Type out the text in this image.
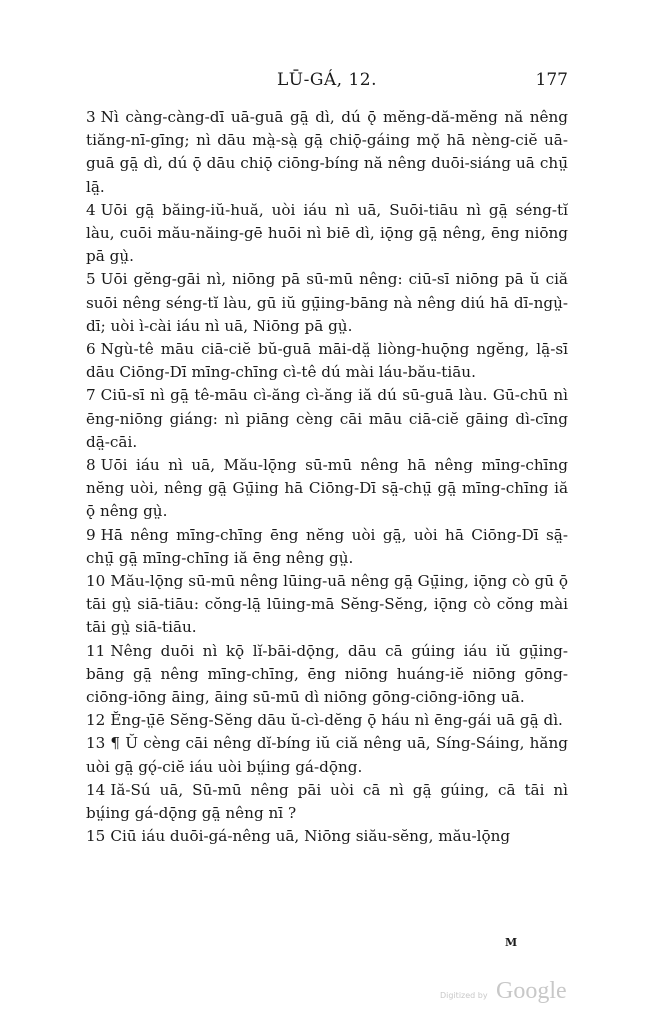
LŪ-GÁ, 12.	177

3 Nì càng-càng-dī uā-guā gā̤ dì, dú ǭ mĕng-dă-mĕng nă nêng tiăng-nī-gīng; nì dāu mà̤-sà̤ gā̤ chiǭ-gáing mǫ̆ hā nèng-ciĕ uā-guā gā̤ dì, dú ǭ dāu chiǭ ciōng-bíng nă nêng duōi-siáng uā chṳ̄ lā̤.

4 Uōi gā̤ băing-iŭ-huă, uòi iáu nì uā, Suōi-tiāu nì gā̤ séng-tĭ làu, cuōi mău-năing-gē huōi nì biē dì, iǭng gā̤ nêng, ēng niōng pā gṳ̀.

5 Uōi gĕng-gāi nì, niōng pā sū-mū nêng: ciū-sī niōng pā ŭ ciă suōi nêng séng-tĭ làu, gū iŭ gṳ̄ing-bāng nà nêng diú hā dī-ngṳ̀-dī; uòi ì-cài iáu nì uā, Niōng pā gṳ̀.

6 Ngù-tê māu ciā-ciĕ bŭ-guā māi-dă̤ liòng-huǭng ngĕng, lā̤-sī dāu Ciōng-Dī mīng-chīng cì-tê dú mài láu-bău-tiāu.

7 Ciū-sī nì gā̤ tê-māu cì-ăng cì-ăng iă dú sū-guā làu. Gū-chū nì ēng-niōng giáng: nì piāng cèng cāi māu ciā-ciĕ gāing dì-cīng dā̤-cāi.

8 Uōi iáu nì uā, Mău-lǭng sū-mū nêng hā nêng mīng-chīng nĕng uòi, nêng gā̤ Gṳ̄ing hā Ciōng-Dī sā̤-chṳ̄ gā̤ mīng-chīng iă ǭ nêng gṳ̀.

9 Hā nêng mīng-chīng ēng nĕng uòi gā̤, uòi hā Ciōng-Dī sā̤-chṳ̄ gā̤ mīng-chīng iă ēng nêng gṳ̀.

10 Mău-lǭng sū-mū nêng lūing-uā nêng gā̤ Gṳ̄ing, iǭng cò gū ǭ tāi gṳ̀ siā-tiāu: cŏng-lā̤ lūing-mā Sĕng-Sĕng, iǭng cò cŏng mài tāi gṳ̀ siā-tiāu.

11 Nêng duōi nì kǭ lĭ-bāi-dǭng, dāu cā gúing iáu iŭ gṳ̄ing-bāng gā̤ nêng mīng-chīng, ēng niōng huáng-iĕ niōng gōng-ciōng-iōng āing, āing sū-mū dì niōng gōng-ciōng-iōng uā.

12 Ĕng-ṳ̄ē Sĕng-Sĕng dāu ŭ-cì-dĕng ǭ háu nì ēng-gái uā gā̤ dì.

13 ¶ Ŭ cèng cāi nêng dĭ-bíng iŭ ciă nêng uā, Síng-Sáing, hăng uòi gā̤ gǫ́-ciĕ iáu uòi bṳ́ing gá-dǭng.

14 Iă-Sú uā, Sū-mū nêng pāi uòi cā nì gā̤ gúing, cā tāi nì bṳ́ing gá-dǭng gā̤ nêng nī ?

15 Ciū iáu duōi-gá-nêng uā, Niōng siău-sĕng, mău-lǭng

M
Digitized by Google
